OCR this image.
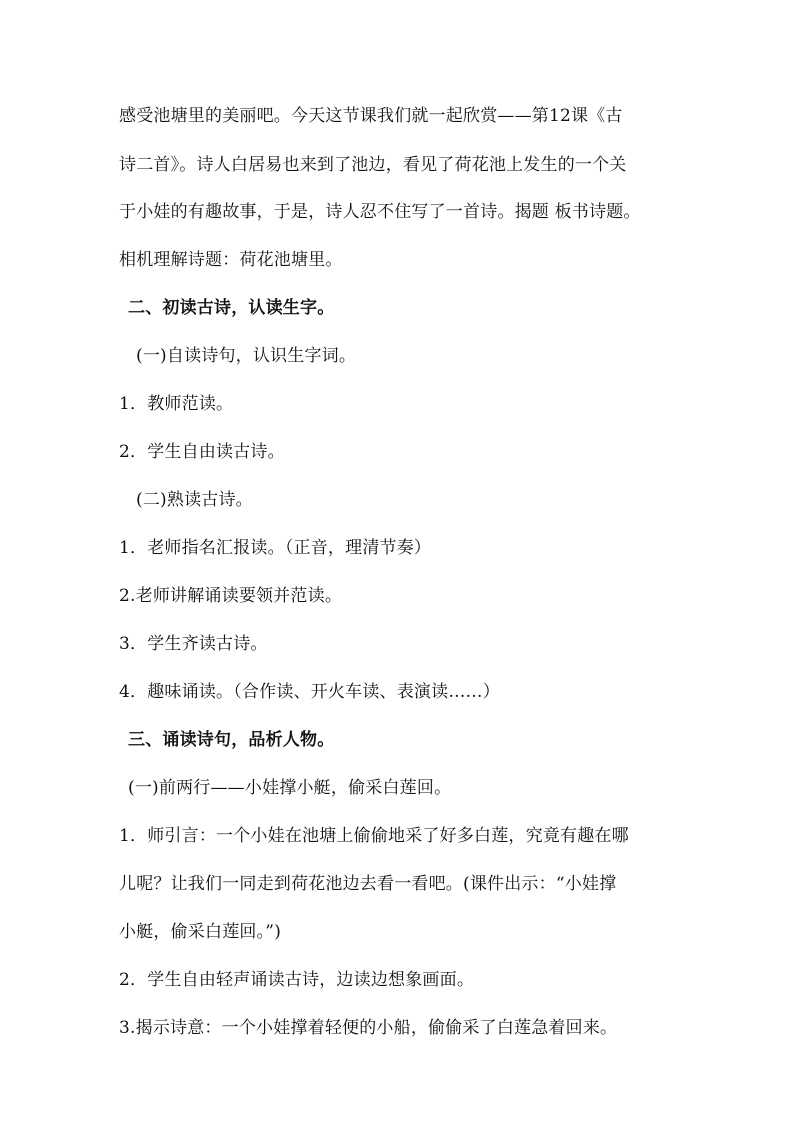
感受池塘里的美丽吧。今天这节课我们就一起欣赏——第12课《古
诗二首》。诗人白居易也来到了池边，看见了荷花池上发生的一个关
于小娃的有趣故事，于是，诗人忍不住写了一首诗。揭题 板书诗题。
相机理解诗题：荷花池塘里。
二、初读古诗，认读生字。
(一)自读诗句，认识生字词。
1．教师范读。
2．学生自由读古诗。
(二)熟读古诗。
1．老师指名汇报读。（正音，理清节奏）
2.老师讲解诵读要领并范读。
3．学生齐读古诗。
4．趣味诵读。（合作读、开火车读、表演读……）
三、诵读诗句，品析人物。
(一)前两行——小娃撑小艇，偷采白莲回。
1．师引言：一个小娃在池塘上偷偷地采了好多白莲，究竟有趣在哪
儿呢？让我们一同走到荷花池边去看一看吧。(课件出示：“小娃撑
小艇，偷采白莲回。”)
2．学生自由轻声诵读古诗，边读边想象画面。
3.揭示诗意：一个小娃撑着轻便的小船，偷偷采了白莲急着回来。
